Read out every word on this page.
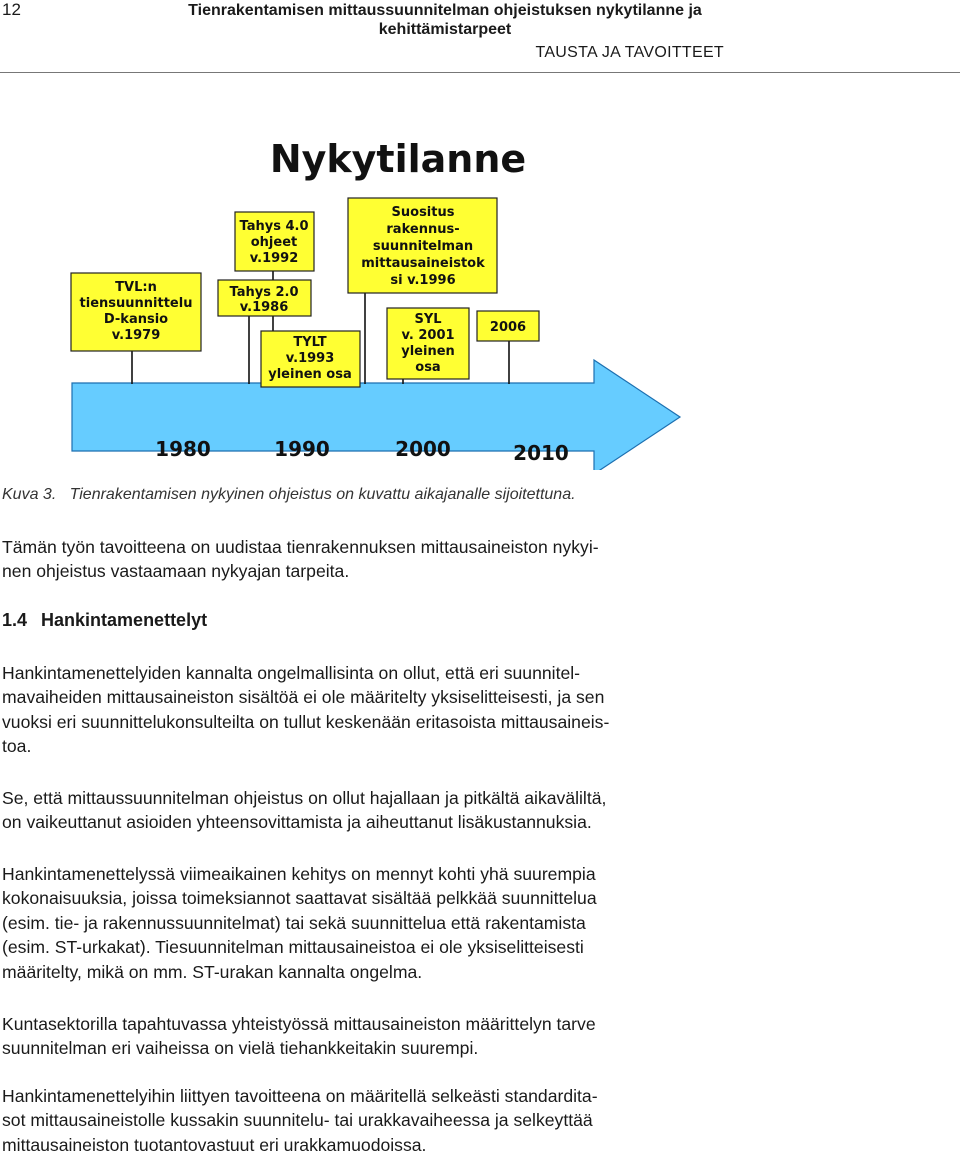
12	Tienrakentamisen mittaussuunnitelman ohjeistuksen nykytilanne ja
kehittämistarpeet
TAUSTA JA TAVOITTEET
Nykytilanne
TVL:n
tiensuunnittelu
D-kansio
v.1979
Tahys 4.0
ohjeet
v.1992
Tahys 2.0
v.1986
TYLT
v.1993
yleinen osa
Suositus
rakennus-
suunnitelman
mittausaineistok
si v.1996
SYL
v. 2001
yleinen
osa
2006
1980	1990	2000	2010
Kuva 3. Tienrakentamisen nykyinen ohjeistus on kuvattu aikajanalle sijoitettuna.

Tämän työn tavoitteena on uudistaa tienrakennuksen mittausaineiston nykyi-
nen ohjeistus vastaamaan nykyajan tarpeita.

1.4 Hankintamenettelyt

Hankintamenettelyiden kannalta ongelmallisinta on ollut, että eri suunnitel-
mavaiheiden mittausaineiston sisältöä ei ole määritelty yksiselitteisesti, ja sen
vuoksi eri suunnittelukonsulteilta on tullut keskenään eritasoista mittausaineis-
toa.

Se, että mittaussuunnitelman ohjeistus on ollut hajallaan ja pitkältä aikaväliltä,
on vaikeuttanut asioiden yhteensovittamista ja aiheuttanut lisäkustannuksia.

Hankintamenettelyssä viimeaikainen kehitys on mennyt kohti yhä suurempia
kokonaisuuksia, joissa toimeksiannot saattavat sisältää pelkkää suunnittelua
(esim. tie- ja rakennussuunnitelmat) tai sekä suunnittelua että rakentamista
(esim. ST-urkakat). Tiesuunnitelman mittausaineistoa ei ole yksiselitteisesti
määritelty, mikä on mm. ST-urakan kannalta ongelma.

Kuntasektorilla tapahtuvassa yhteistyössä mittausaineiston määrittelyn tarve
suunnitelman eri vaiheissa on vielä tiehankkeitakin suurempi.

Hankintamenettelyihin liittyen tavoitteena on määritellä selkeästi standardita-
sot mittausaineistolle kussakin suunnitelu- tai urakkavaiheessa ja selkeyttää
mittausaineiston tuotantovastuut eri urakkamuodoissa.
